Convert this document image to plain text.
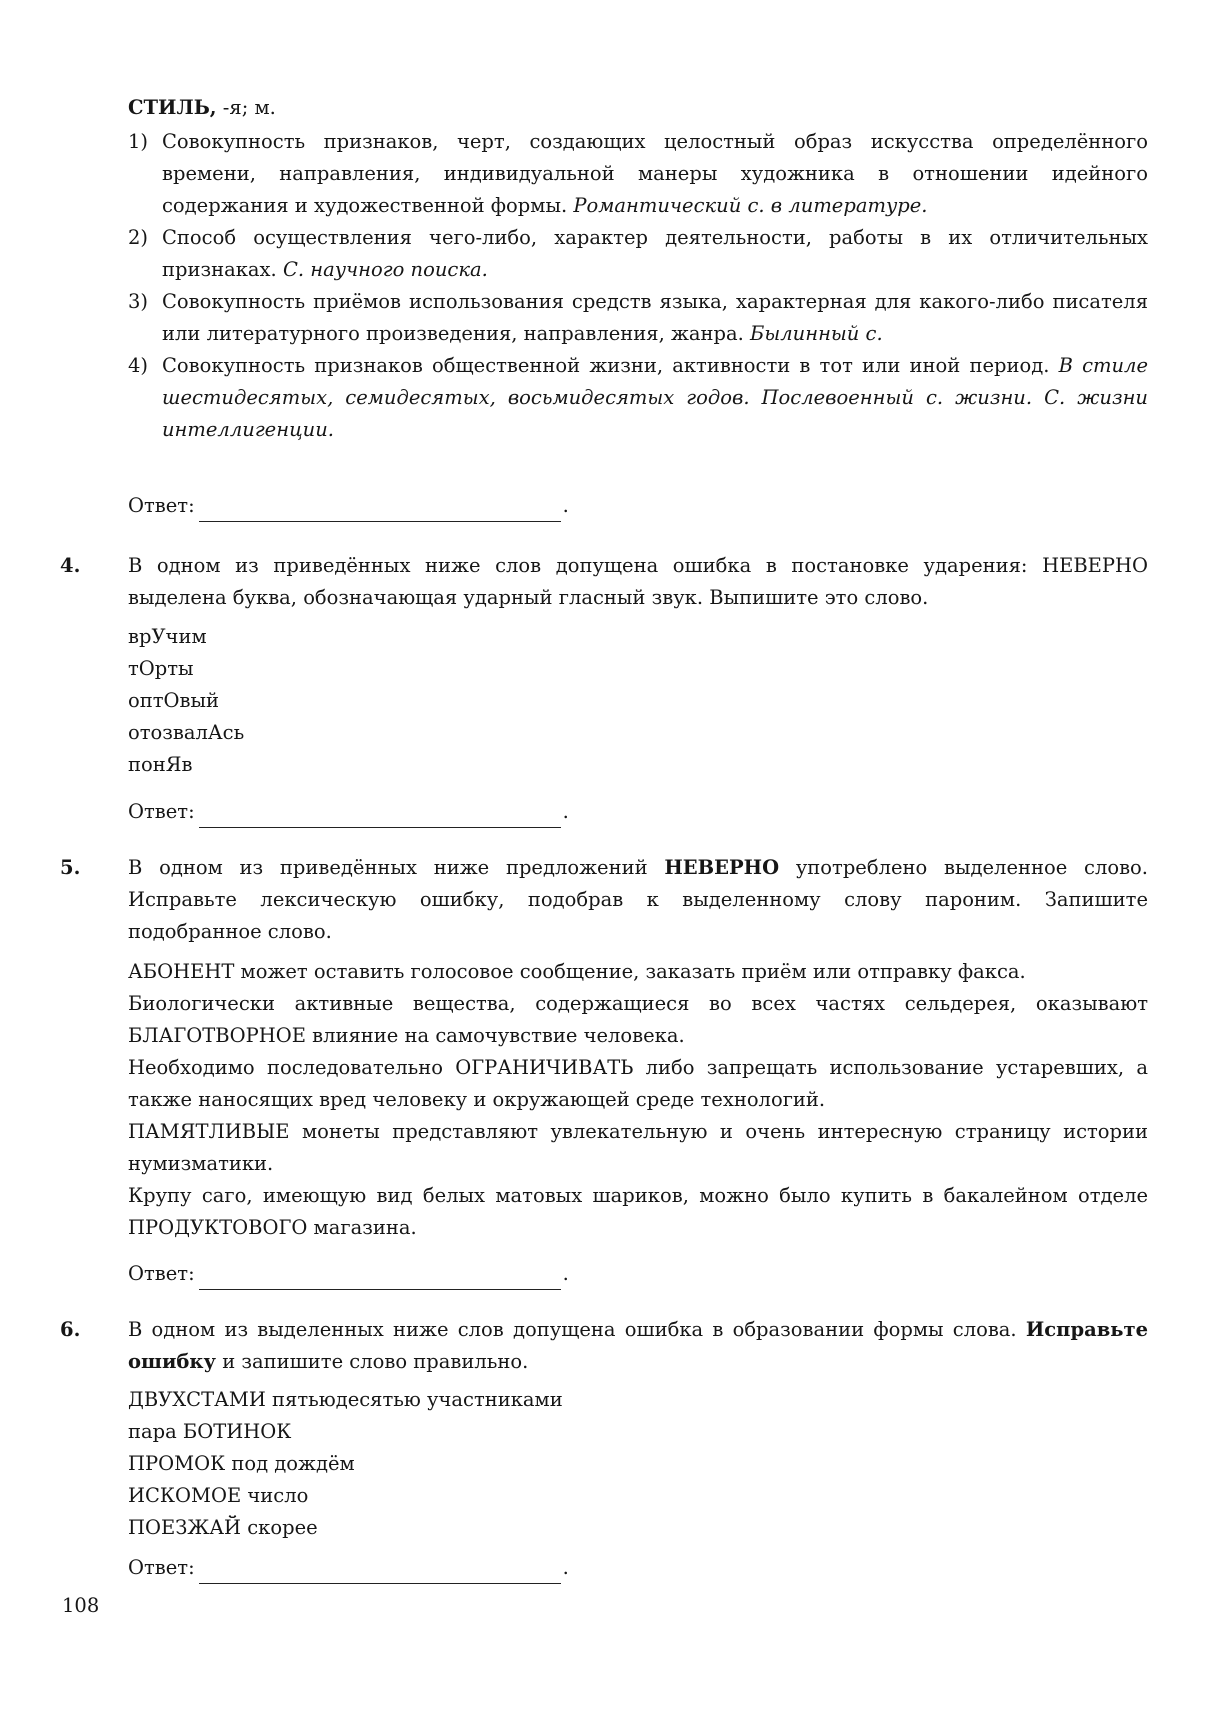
СТИЛЬ, -я; м.
1) Совокупность признаков, черт, создающих целостный образ искусства определённого времени, направления, индивидуальной манеры художника в отношении идейного содержания и художественной формы. Романтический с. в литературе.
2) Способ осуществления чего-либо, характер деятельности, работы в их отличительных признаках. С. научного поиска.
3) Совокупность приёмов использования средств языка, характерная для какого-либо писателя или литературного произведения, направления, жанра. Былинный с.
4) Совокупность признаков общественной жизни, активности в тот или иной период. В стиле шестидесятых, семидесятых, восьмидесятых годов. Послевоенный с. жизни. С. жизни интеллигенции.
Ответ:	.
4.	В одном из приведённых ниже слов допущена ошибка в постановке ударения: НЕВЕРНО выделена буква, обозначающая ударный гласный звук. Выпишите это слово.
врУчим
тОрты
оптОвый
отозвалАсь
понЯв
Ответ:	.
5.	В одном из приведённых ниже предложений НЕВЕРНО употреблено выделенное слово. Исправьте лексическую ошибку, подобрав к выделенному слову пароним. Запишите подобранное слово.
АБОНЕНТ может оставить голосовое сообщение, заказать приём или отправку факса.
Биологически активные вещества, содержащиеся во всех частях сельдерея, оказывают БЛАГОТВОРНОЕ влияние на самочувствие человека.
Необходимо последовательно ОГРАНИЧИВАТЬ либо запрещать использование устаревших, а также наносящих вред человеку и окружающей среде технологий.
ПАМЯТЛИВЫЕ монеты представляют увлекательную и очень интересную страницу истории нумизматики.
Крупу саго, имеющую вид белых матовых шариков, можно было купить в бакалейном отделе ПРОДУКТОВОГО магазина.
Ответ:	.
6.	В одном из выделенных ниже слов допущена ошибка в образовании формы слова. Исправьте ошибку и запишите слово правильно.
ДВУХСТАМИ пятьюдесятью участниками
пара БОТИНОК
ПРОМОК под дождём
ИСКОМОЕ число
ПОЕЗЖАЙ скорее
Ответ:	.
108
